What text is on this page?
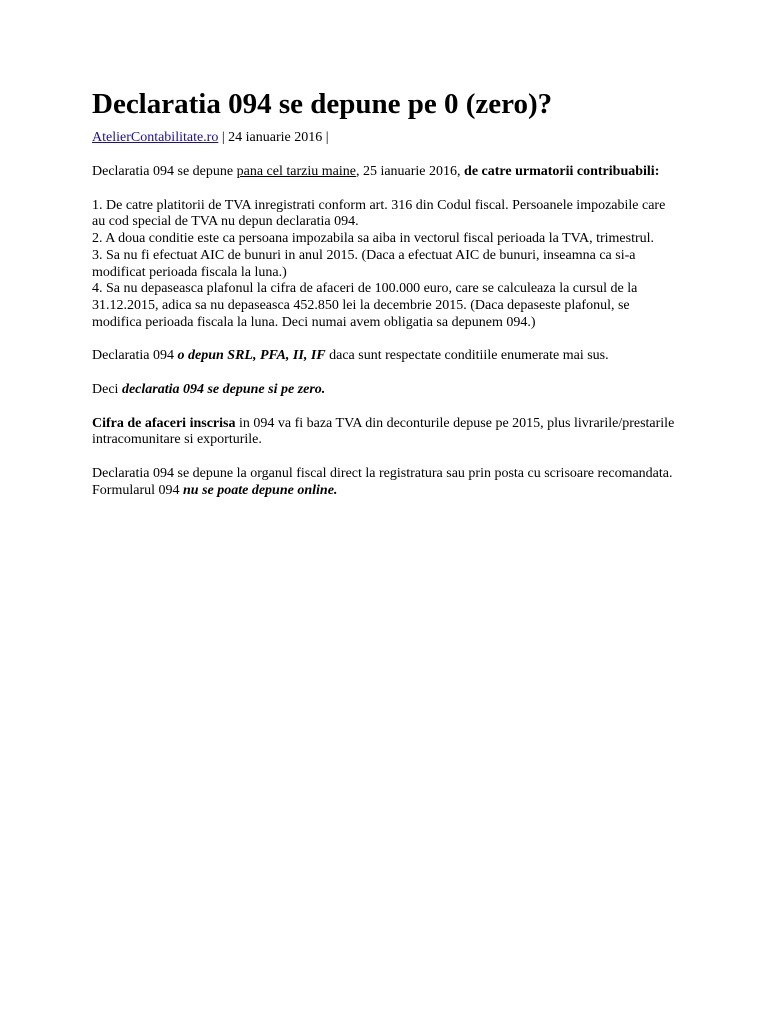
Declaratia 094 se depune pe 0 (zero)?
AtelierContabilitate.ro | 24 ianuarie 2016 |

Declaratia 094 se depune pana cel tarziu maine, 25 ianuarie 2016, de catre urmatorii contribuabili:

1. De catre platitorii de TVA inregistrati conform art. 316 din Codul fiscal. Persoanele impozabile care au cod special de TVA nu depun declaratia 094.
2. A doua conditie este ca persoana impozabila sa aiba in vectorul fiscal perioada la TVA, trimestrul.
3. Sa nu fi efectuat AIC de bunuri in anul 2015. (Daca a efectuat AIC de bunuri, inseamna ca si-a modificat perioada fiscala la luna.)
4. Sa nu depaseasca plafonul la cifra de afaceri de 100.000 euro, care se calculeaza la cursul de la 31.12.2015, adica sa nu depaseasca 452.850 lei la decembrie 2015. (Daca depaseste plafonul, se modifica perioada fiscala la luna. Deci numai avem obligatia sa depunem 094.)

Declaratia 094 o depun SRL, PFA, II, IF daca sunt respectate conditiile enumerate mai sus.

Deci declaratia 094 se depune si pe zero.

Cifra de afaceri inscrisa in 094 va fi baza TVA din deconturile depuse pe 2015, plus livrarile/prestarile intracomunitare si exporturile.

Declaratia 094 se depune la organul fiscal direct la registratura sau prin posta cu scrisoare recomandata. Formularul 094 nu se poate depune online.
